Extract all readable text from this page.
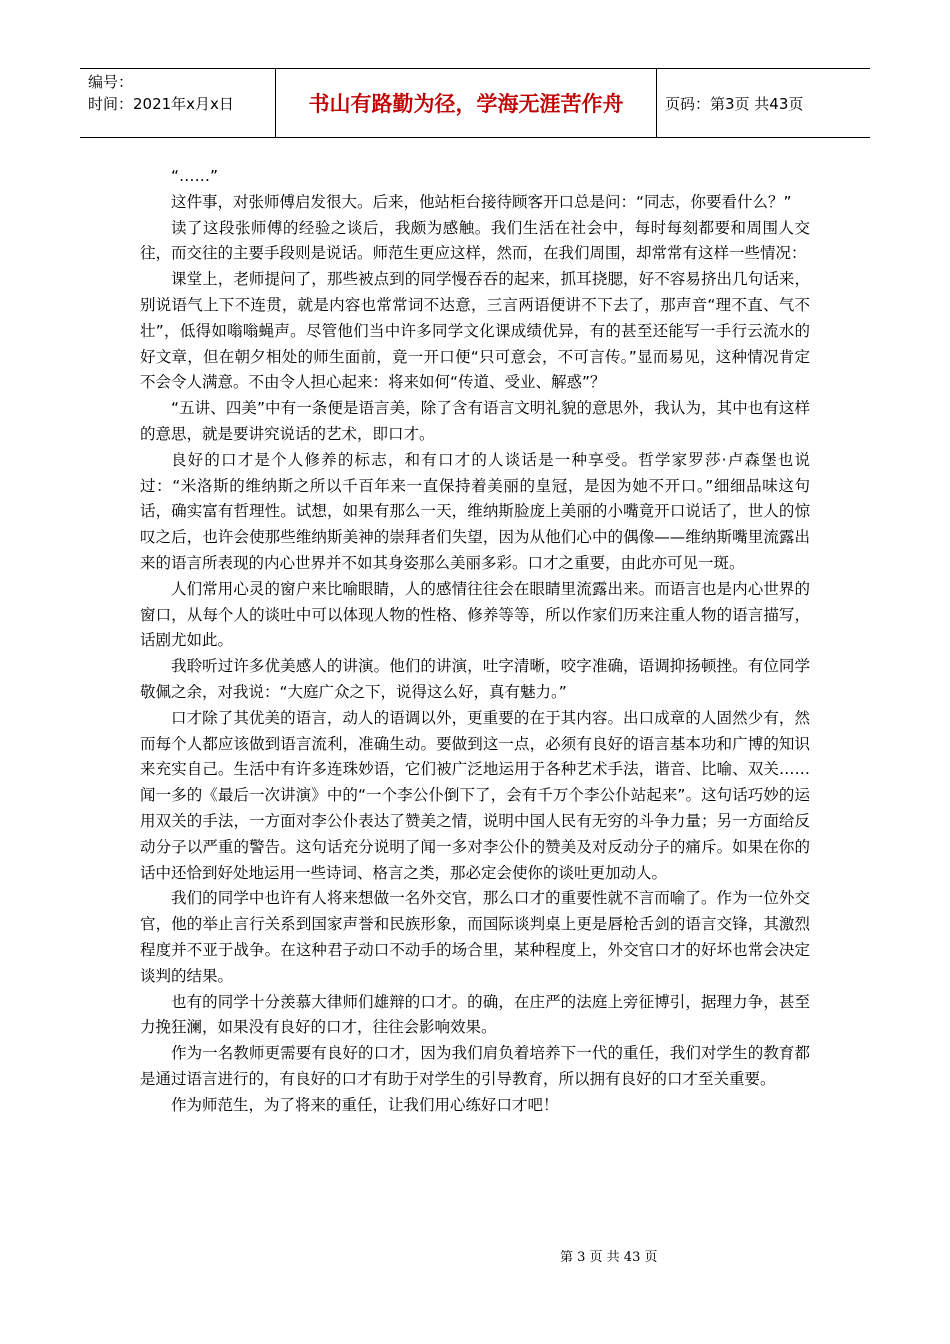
编号：
时间：2021年x月x日	书山有路勤为径，学海无涯苦作舟	页码：第3页 共43页

“……”

这件事，对张师傅启发很大。后来，他站柜台接待顾客开口总是问：“同志，你要看什么？”

读了这段张师傅的经验之谈后，我颇为感触。我们生活在社会中，每时每刻都要和周围人交往，而交往的主要手段则是说话。师范生更应这样，然而，在我们周围，却常常有这样一些情况：

课堂上，老师提问了，那些被点到的同学慢吞吞的起来，抓耳挠腮，好不容易挤出几句话来，别说语气上下不连贯，就是内容也常常词不达意，三言两语便讲不下去了，那声音“理不直、气不壮”，低得如嗡嗡蝇声。尽管他们当中许多同学文化课成绩优异，有的甚至还能写一手行云流水的好文章，但在朝夕相处的师生面前，竟一开口便“只可意会，不可言传。”显而易见，这种情况肯定不会令人满意。不由令人担心起来：将来如何“传道、受业、解惑”？

“五讲、四美”中有一条便是语言美，除了含有语言文明礼貌的意思外，我认为，其中也有这样的意思，就是要讲究说话的艺术，即口才。

良好的口才是个人修养的标志，和有口才的人谈话是一种享受。哲学家罗莎·卢森堡也说过：“米洛斯的维纳斯之所以千百年来一直保持着美丽的皇冠，是因为她不开口。”细细品味这句话，确实富有哲理性。试想，如果有那么一天，维纳斯脸庞上美丽的小嘴竟开口说话了，世人的惊叹之后，也许会使那些维纳斯美神的崇拜者们失望，因为从他们心中的偶像——维纳斯嘴里流露出来的语言所表现的内心世界并不如其身姿那么美丽多彩。口才之重要，由此亦可见一斑。

人们常用心灵的窗户来比喻眼睛，人的感情往往会在眼睛里流露出来。而语言也是内心世界的窗口，从每个人的谈吐中可以体现人物的性格、修养等等，所以作家们历来注重人物的语言描写，话剧尤如此。

我聆听过许多优美感人的讲演。他们的讲演，吐字清晰，咬字准确，语调抑扬顿挫。有位同学敬佩之余，对我说：“大庭广众之下，说得这么好，真有魅力。”

口才除了其优美的语言，动人的语调以外，更重要的在于其内容。出口成章的人固然少有，然而每个人都应该做到语言流利，准确生动。要做到这一点，必须有良好的语言基本功和广博的知识来充实自己。生活中有许多连珠妙语，它们被广泛地运用于各种艺术手法，谐音、比喻、双关……闻一多的《最后一次讲演》中的“一个李公仆倒下了，会有千万个李公仆站起来”。这句话巧妙的运用双关的手法，一方面对李公仆表达了赞美之情，说明中国人民有无穷的斗争力量；另一方面给反动分子以严重的警告。这句话充分说明了闻一多对李公仆的赞美及对反动分子的痛斥。如果在你的话中还恰到好处地运用一些诗词、格言之类，那必定会使你的谈吐更加动人。

我们的同学中也许有人将来想做一名外交官，那么口才的重要性就不言而喻了。作为一位外交官，他的举止言行关系到国家声誉和民族形象，而国际谈判桌上更是唇枪舌剑的语言交锋，其激烈程度并不亚于战争。在这种君子动口不动手的场合里，某种程度上，外交官口才的好坏也常会决定谈判的结果。

也有的同学十分羡慕大律师们雄辩的口才。的确，在庄严的法庭上旁征博引，据理力争，甚至力挽狂澜，如果没有良好的口才，往往会影响效果。

作为一名教师更需要有良好的口才，因为我们肩负着培养下一代的重任，我们对学生的教育都是通过语言进行的，有良好的口才有助于对学生的引导教育，所以拥有良好的口才至关重要。

作为师范生，为了将来的重任，让我们用心练好口才吧！

第 3 页 共 43 页
